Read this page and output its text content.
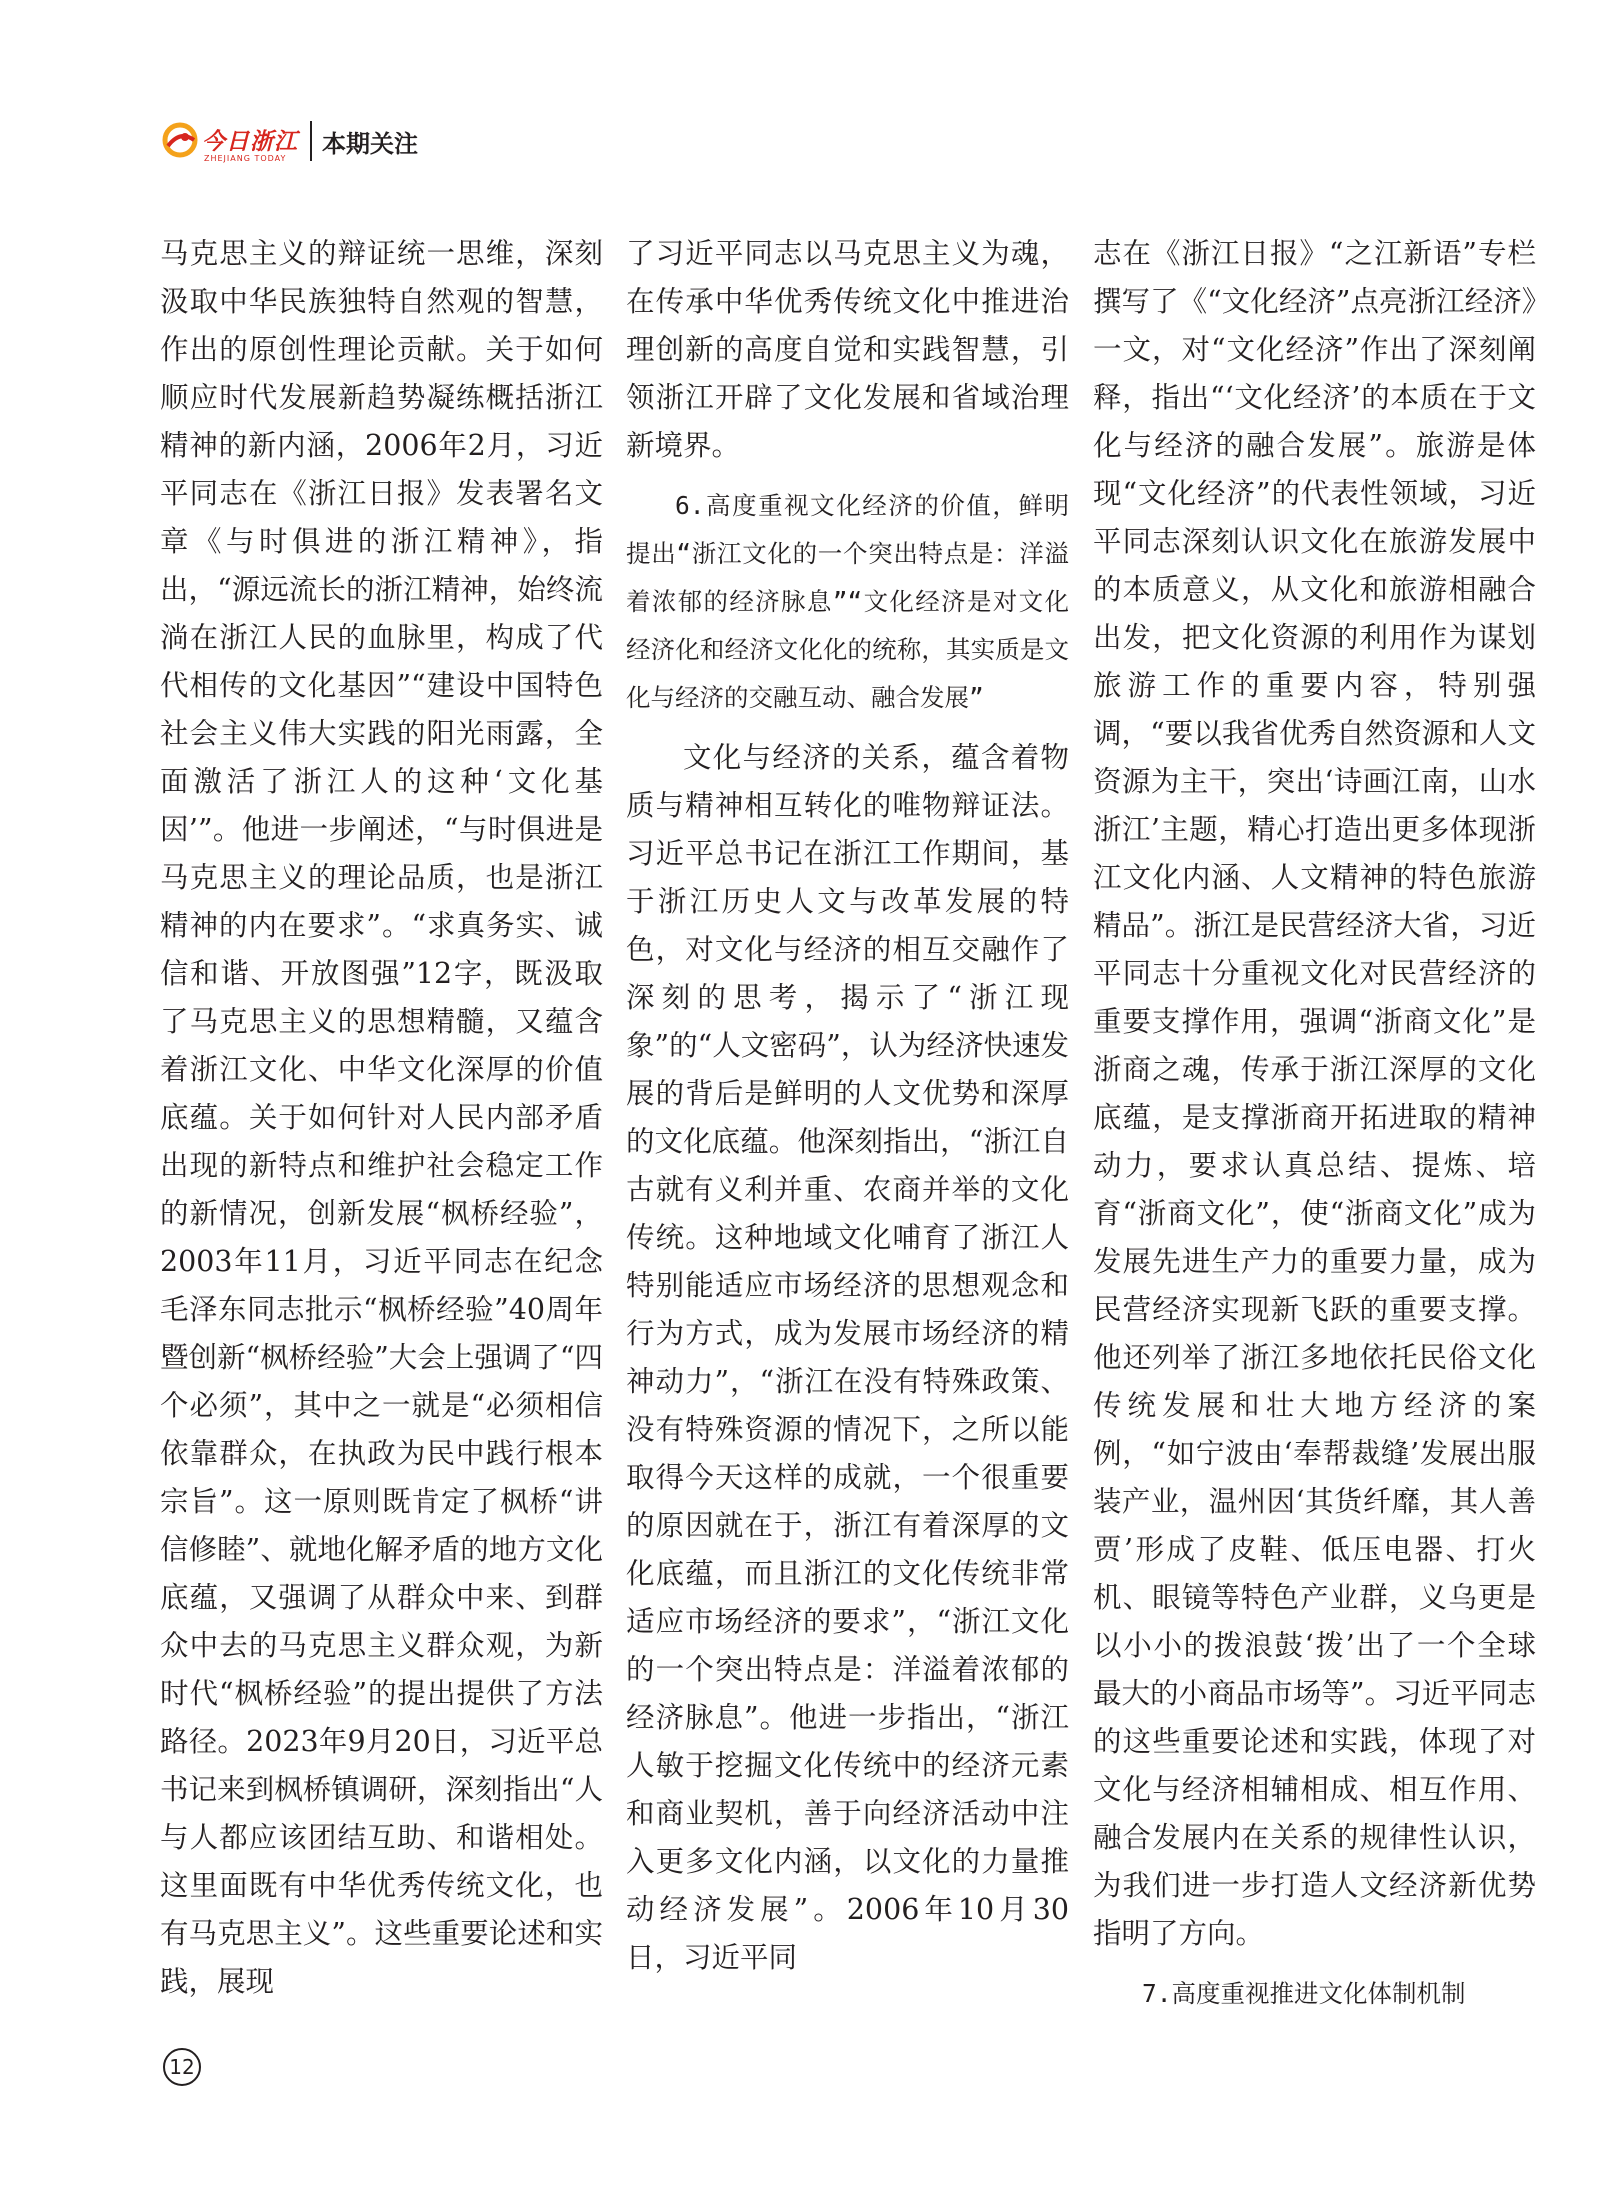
今日浙江
ZHEJIANG TODAY
本期关注

马克思主义的辩证统一思维，深刻汲取中华民族独特自然观的智慧，作出的原创性理论贡献。关于如何顺应时代发展新趋势凝练概括浙江精神的新内涵，2006年2月，习近平同志在《浙江日报》发表署名文章《与时俱进的浙江精神》，指出，“源远流长的浙江精神，始终流淌在浙江人民的血脉里，构成了代代相传的文化基因”“建设中国特色社会主义伟大实践的阳光雨露，全面激活了浙江人的这种‘文化基因’”。他进一步阐述，“与时俱进是马克思主义的理论品质，也是浙江精神的内在要求”。“求真务实、诚信和谐、开放图强”12字，既汲取了马克思主义的思想精髓，又蕴含着浙江文化、中华文化深厚的价值底蕴。关于如何针对人民内部矛盾出现的新特点和维护社会稳定工作的新情况，创新发展“枫桥经验”，2003年11月，习近平同志在纪念毛泽东同志批示“枫桥经验”40周年暨创新“枫桥经验”大会上强调了“四个必须”，其中之一就是“必须相信依靠群众，在执政为民中践行根本宗旨”。这一原则既肯定了枫桥“讲信修睦”、就地化解矛盾的地方文化底蕴，又强调了从群众中来、到群众中去的马克思主义群众观，为新时代“枫桥经验”的提出提供了方法路径。2023年9月20日，习近平总书记来到枫桥镇调研，深刻指出“人与人都应该团结互助、和谐相处。这里面既有中华优秀传统文化，也有马克思主义”。这些重要论述和实践，展现

了习近平同志以马克思主义为魂，在传承中华优秀传统文化中推进治理创新的高度自觉和实践智慧，引领浙江开辟了文化发展和省域治理新境界。

6.高度重视文化经济的价值，鲜明提出“浙江文化的一个突出特点是：洋溢着浓郁的经济脉息”“文化经济是对文化经济化和经济文化化的统称，其实质是文化与经济的交融互动、融合发展”

文化与经济的关系，蕴含着物质与精神相互转化的唯物辩证法。习近平总书记在浙江工作期间，基于浙江历史人文与改革发展的特色，对文化与经济的相互交融作了深刻的思考，揭示了“浙江现象”的“人文密码”，认为经济快速发展的背后是鲜明的人文优势和深厚的文化底蕴。他深刻指出，“浙江自古就有义利并重、农商并举的文化传统。这种地域文化哺育了浙江人特别能适应市场经济的思想观念和行为方式，成为发展市场经济的精神动力”，“浙江在没有特殊政策、没有特殊资源的情况下，之所以能取得今天这样的成就，一个很重要的原因就在于，浙江有着深厚的文化底蕴，而且浙江的文化传统非常适应市场经济的要求”，“浙江文化的一个突出特点是：洋溢着浓郁的经济脉息”。他进一步指出，“浙江人敏于挖掘文化传统中的经济元素和商业契机，善于向经济活动中注入更多文化内涵，以文化的力量推动经济发展”。2006年10月30日，习近平同

志在《浙江日报》“之江新语”专栏撰写了《“文化经济”点亮浙江经济》一文，对“文化经济”作出了深刻阐释，指出“‘文化经济’的本质在于文化与经济的融合发展”。旅游是体现“文化经济”的代表性领域，习近平同志深刻认识文化在旅游发展中的本质意义，从文化和旅游相融合出发，把文化资源的利用作为谋划旅游工作的重要内容，特别强调，“要以我省优秀自然资源和人文资源为主干，突出‘诗画江南，山水浙江’主题，精心打造出更多体现浙江文化内涵、人文精神的特色旅游精品”。浙江是民营经济大省，习近平同志十分重视文化对民营经济的重要支撑作用，强调“浙商文化”是浙商之魂，传承于浙江深厚的文化底蕴，是支撑浙商开拓进取的精神动力，要求认真总结、提炼、培育“浙商文化”，使“浙商文化”成为发展先进生产力的重要力量，成为民营经济实现新飞跃的重要支撑。他还列举了浙江多地依托民俗文化传统发展和壮大地方经济的案例，“如宁波由‘奉帮裁缝’发展出服装产业，温州因‘其货纤靡，其人善贾’形成了皮鞋、低压电器、打火机、眼镜等特色产业群，义乌更是以小小的拨浪鼓‘拨’出了一个全球最大的小商品市场等”。习近平同志的这些重要论述和实践，体现了对文化与经济相辅相成、相互作用、融合发展内在关系的规律性认识，为我们进一步打造人文经济新优势指明了方向。

7.高度重视推进文化体制机制

12
